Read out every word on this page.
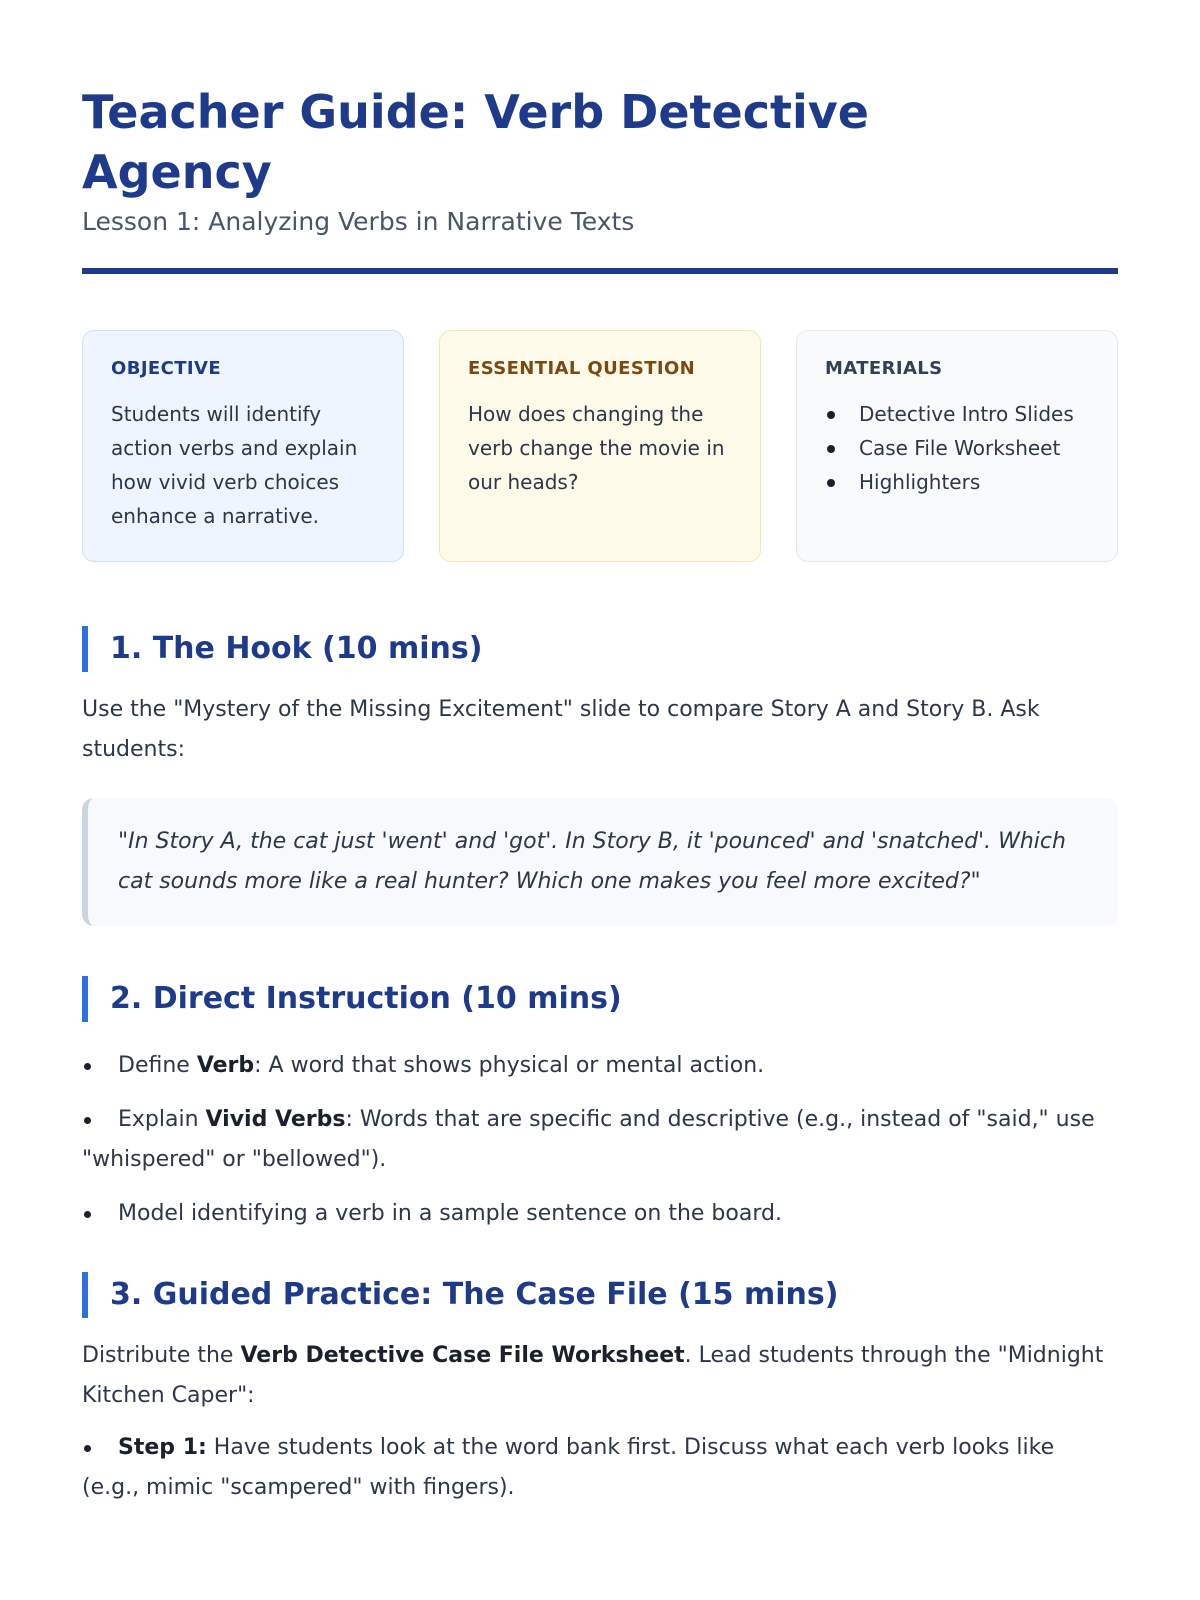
Teacher Guide: Verb Detective Agency
Lesson 1: Analyzing Verbs in Narrative Texts
OBJECTIVE
Students will identify action verbs and explain how vivid verb choices enhance a narrative.
ESSENTIAL QUESTION
How does changing the verb change the movie in our heads?
MATERIALS
Detective Intro Slides
Case File Worksheet
Highlighters
1. The Hook (10 mins)

Use the "Mystery of the Missing Excitement" slide to compare Story A and Story B. Ask students:

"In Story A, the cat just 'went' and 'got'. In Story B, it 'pounced' and 'snatched'. Which cat sounds more like a real hunter? Which one makes you feel more excited?"
2. Direct Instruction (10 mins)
Define Verb: A word that shows physical or mental action.
Explain Vivid Verbs: Words that are specific and descriptive (e.g., instead of "said," use "whispered" or "bellowed").
Model identifying a verb in a sample sentence on the board.
3. Guided Practice: The Case File (15 mins)

Distribute the Verb Detective Case File Worksheet. Lead students through the "Midnight Kitchen Caper":

Step 1: Have students look at the word bank first. Discuss what each verb looks like (e.g., mimic "scampered" with fingers).
